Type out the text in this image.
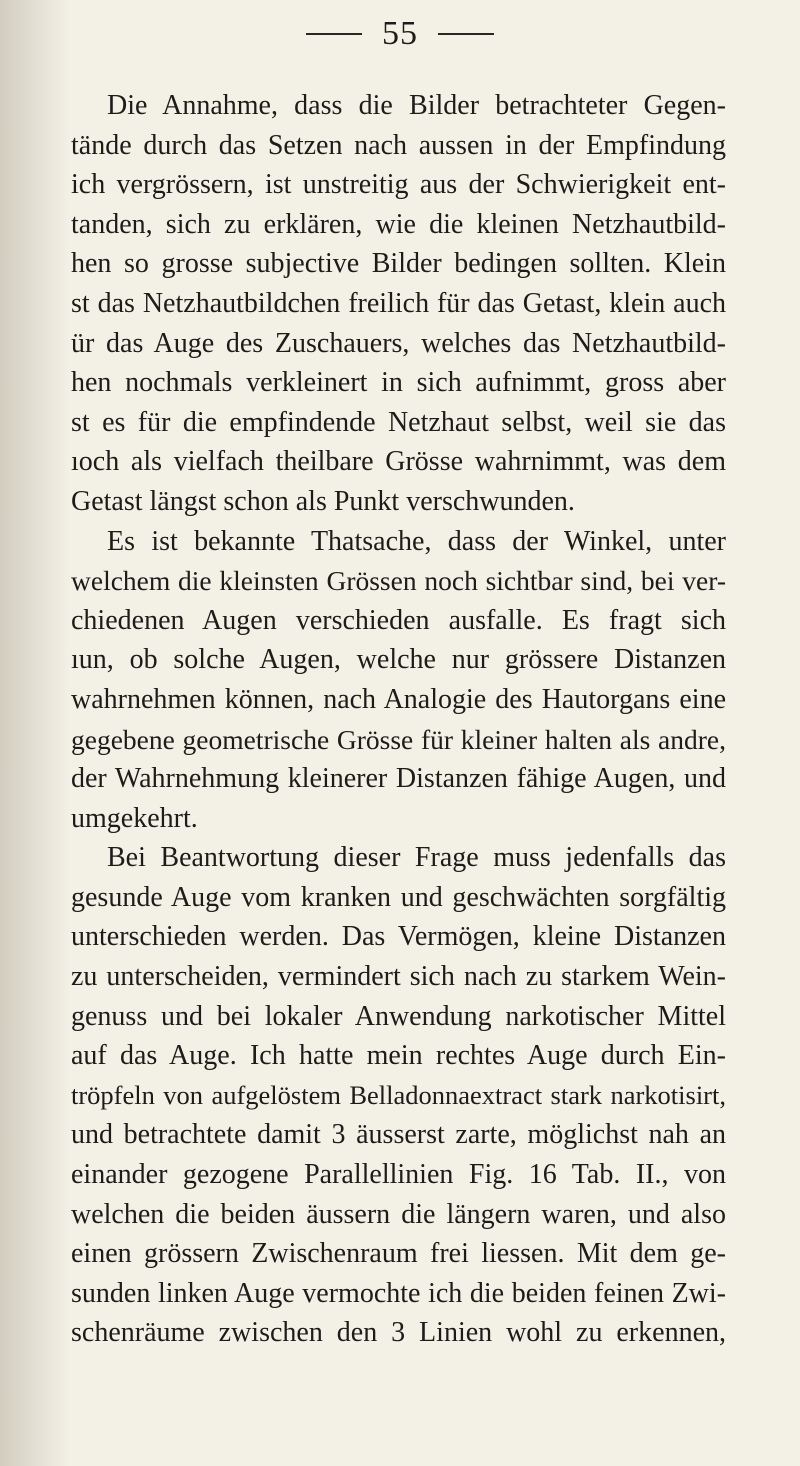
55
Die Annahme, dass die Bilder betrachteter Gegen-
tände durch das Setzen nach aussen in der Empfindung
ich vergrössern, ist unstreitig aus der Schwierigkeit ent-
tanden, sich zu erklären, wie die kleinen Netzhautbild-
hen so grosse subjective Bilder bedingen sollten. Klein
st das Netzhautbildchen freilich für das Getast, klein auch
ür das Auge des Zuschauers, welches das Netzhautbild-
hen nochmals verkleinert in sich aufnimmt, gross aber
st es für die empfindende Netzhaut selbst, weil sie das
ıoch als vielfach theilbare Grösse wahrnimmt, was dem
Getast längst schon als Punkt verschwunden.
Es ist bekannte Thatsache, dass der Winkel, unter
welchem die kleinsten Grössen noch sichtbar sind, bei ver-
chiedenen Augen verschieden ausfalle. Es fragt sich
ıun, ob solche Augen, welche nur grössere Distanzen
wahrnehmen können, nach Analogie des Hautorgans eine
gegebene geometrische Grösse für kleiner halten als andre,
der Wahrnehmung kleinerer Distanzen fähige Augen, und
umgekehrt.
Bei Beantwortung dieser Frage muss jedenfalls das
gesunde Auge vom kranken und geschwächten sorgfältig
unterschieden werden. Das Vermögen, kleine Distanzen
zu unterscheiden, vermindert sich nach zu starkem Wein-
genuss und bei lokaler Anwendung narkotischer Mittel
auf das Auge. Ich hatte mein rechtes Auge durch Ein-
tröpfeln von aufgelöstem Belladonnaextract stark narkotisirt,
und betrachtete damit 3 äusserst zarte, möglichst nah an
einander gezogene Parallellinien Fig. 16 Tab. II., von
welchen die beiden äussern die längern waren, und also
einen grössern Zwischenraum frei liessen. Mit dem ge-
sunden linken Auge vermochte ich die beiden feinen Zwi-
schenräume zwischen den 3 Linien wohl zu erkennen,
